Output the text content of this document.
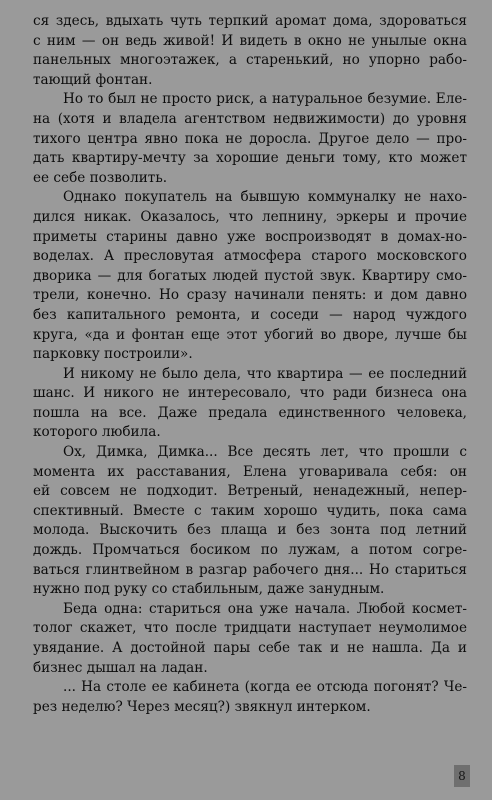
ся здесь, вдыхать чуть терпкий аромат дома, здороваться
с ним — он ведь живой! И видеть в окно не унылые окна
панельных многоэтажек, а старенький, но упорно рабо-
тающий фонтан.

Но то был не просто риск, а натуральное безумие. Еле-
на (хотя и владела агентством недвижимости) до уровня
тихого центра явно пока не доросла. Другое дело — про-
дать квартиру-мечту за хорошие деньги тому, кто может
ее себе позволить.

Однако покупатель на бывшую коммуналку не нахо-
дился никак. Оказалось, что лепнину, эркеры и прочие
приметы старины давно уже воспроизводят в домах-но-
воделах. А пресловутая атмосфера старого московского
дворика — для богатых людей пустой звук. Квартиру смо-
трели, конечно. Но сразу начинали пенять: и дом давно
без капитального ремонта, и соседи — народ чуждого
круга, «да и фонтан еще этот убогий во дворе, лучше бы
парковку построили».

И никому не было дела, что квартира — ее последний
шанс. И никого не интересовало, что ради бизнеса она
пошла на все. Даже предала единственного человека,
которого любила.

Ох, Димка, Димка... Все десять лет, что прошли с
момента их расставания, Елена уговаривала себя: он
ей совсем не подходит. Ветреный, ненадежный, непер-
спективный. Вместе с таким хорошо чудить, пока сама
молода. Выскочить без плаща и без зонта под летний
дождь. Промчаться босиком по лужам, а потом согре-
ваться глинтвейном в разгар рабочего дня... Но стариться
нужно под руку со стабильным, даже занудным.

Беда одна: стариться она уже начала. Любой космет-
толог скажет, что после тридцати наступает неумолимое
увядание. А достойной пары себе так и не нашла. Да и
бизнес дышал на ладан.

... На столе ее кабинета (когда ее отсюда погонят? Че-
рез неделю? Через месяц?) звякнул интерком.

8
